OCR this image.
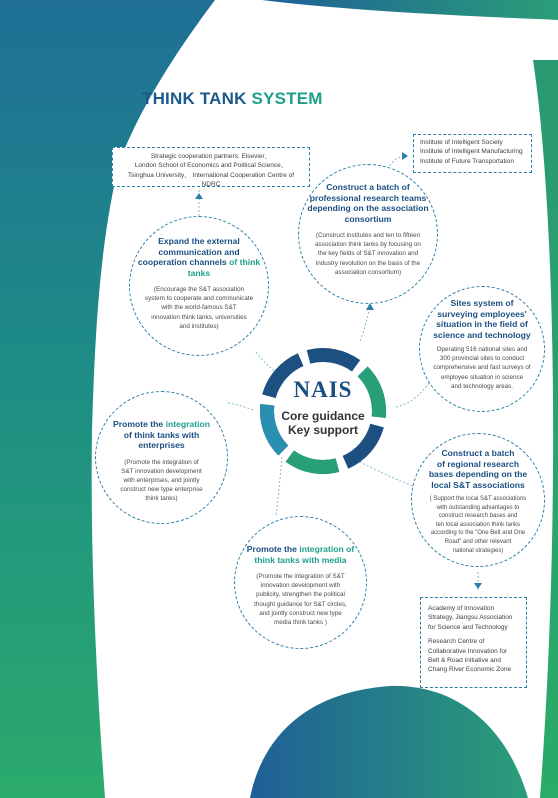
THINK TANK SYSTEM
NAIS
Core guidance
Key support
Strategic cooperation partners: Elsevier、
London School of Economics and Political Science、
Tsinghua University、 International Cooperation Centre of NDRC
Institute of Intelligent Society
Institute of Intelligent Manufacturing
Institute of Future Transportation
Academy of Innovation
Strategy, Jiangsu Association
for Science and Technology
Research Centre of
Collaborative Innovation for
Belt & Road Initiative and
Chang River Economic Zone
Expand the external
communication and
cooperation channels of think
tanks
(Encourage the S&T association
system to cooperate and communicate
with the world-famous S&T
innovation think tanks, universities
and institutes)
Construct a batch of
professional research teams
depending on the association
consortium
(Construct institutes and ten to fifteen
association think tanks by focusing on
the key fields of S&T innovation and
industry revolution on the basis of the
association consortium)
Sites system of
surveying employees'
situation in the field of
science and technology
Operating 516 national sites and
300 provincial sites to conduct
comprehensive and fast surveys of
employee situation in science
and technology areas.
Promote the integration
of think tanks with
enterprises
(Promote the integration of
S&T innovation development
with enterprises, and jointly
construct new type enterprise
think tanks)
Construct a batch
of regional research
bases depending on the
local S&T associations
( Support the local S&T associations
with outstanding advantages to
construct research bases and
ten local association think tanks
according to the "One Belt and One
Road" and other relevant
national strategies)
Promote the integration of
think tanks with media
(Promote the integration of S&T
innovation development with
publicity, strengthen the political
thought guidance for S&T circles,
and jointly construct new type
media think tanks )
